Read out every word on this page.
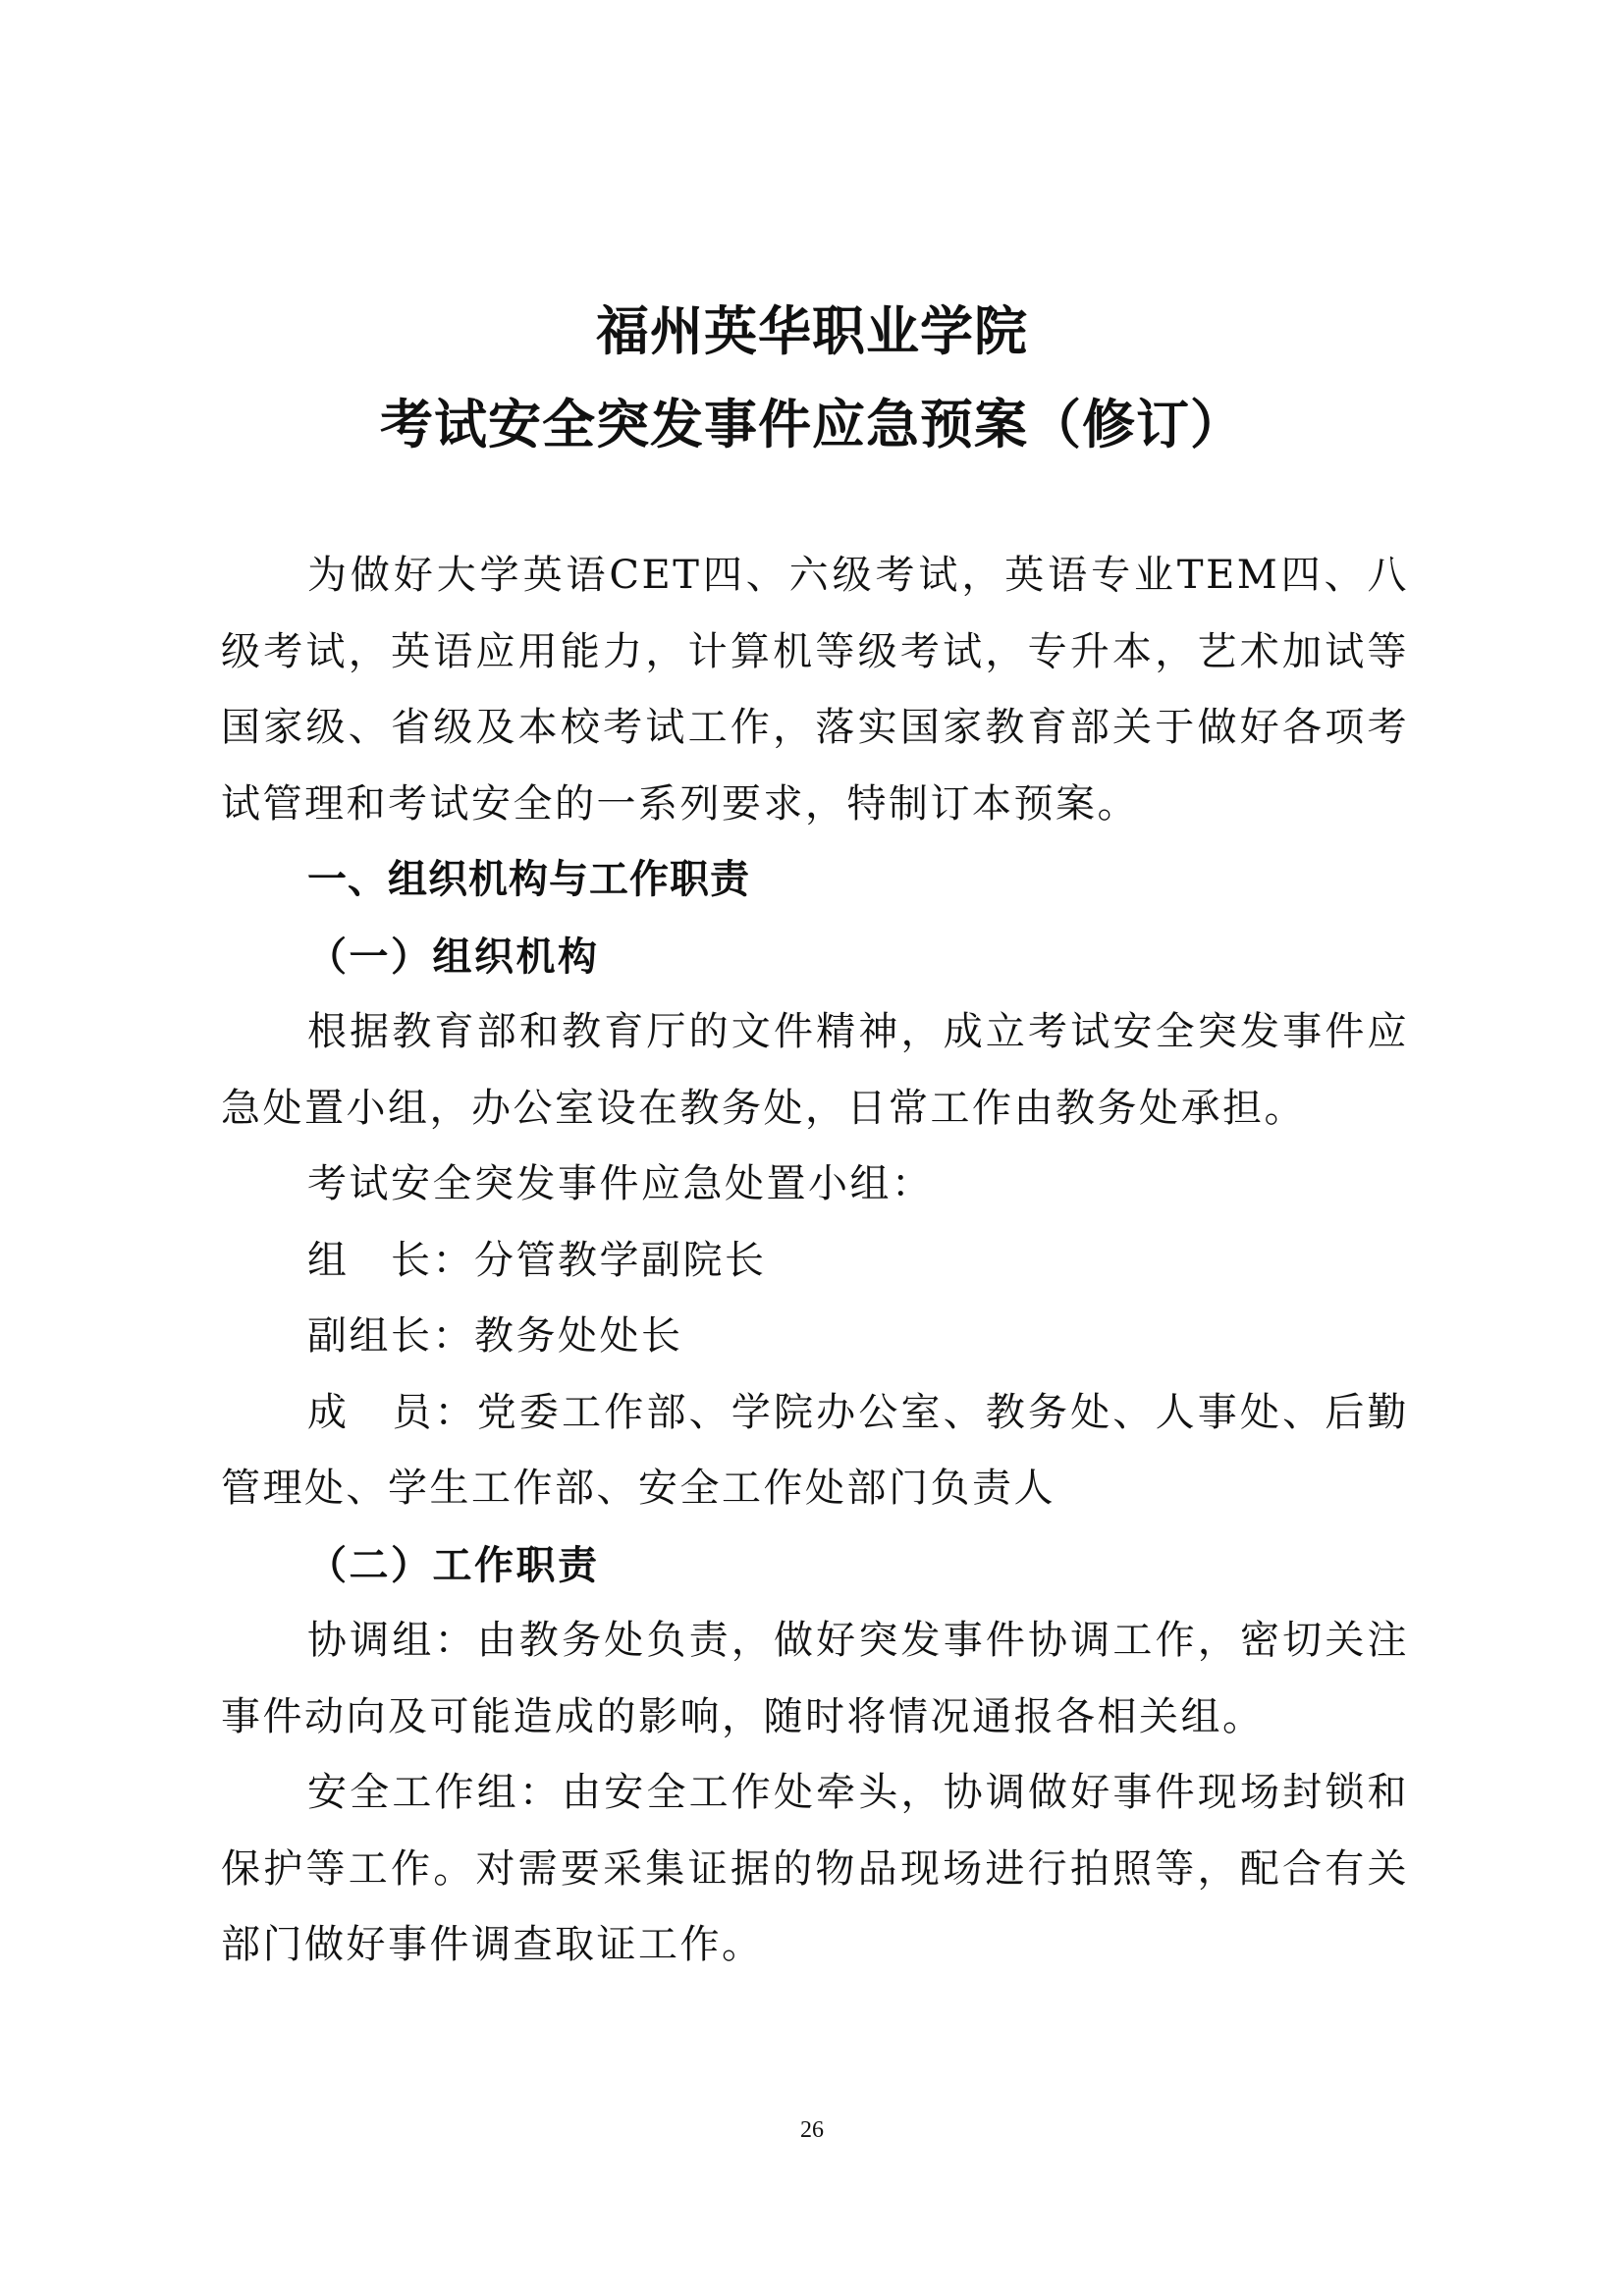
福州英华职业学院
考试安全突发事件应急预案（修订）

为做好大学英语CET四、六级考试，英语专业TEM四、八级考试，英语应用能力，计算机等级考试，专升本，艺术加试等国家级、省级及本校考试工作，落实国家教育部关于做好各项考试管理和考试安全的一系列要求，特制订本预案。

一、组织机构与工作职责

（一）组织机构

根据教育部和教育厅的文件精神，成立考试安全突发事件应急处置小组，办公室设在教务处，日常工作由教务处承担。

考试安全突发事件应急处置小组：

组　长：分管教学副院长

副组长：教务处处长

成　员：党委工作部、学院办公室、教务处、人事处、后勤管理处、学生工作部、安全工作处部门负责人

（二）工作职责

协调组：由教务处负责，做好突发事件协调工作，密切关注事件动向及可能造成的影响，随时将情况通报各相关组。

安全工作组：由安全工作处牵头，协调做好事件现场封锁和保护等工作。对需要采集证据的物品现场进行拍照等，配合有关部门做好事件调查取证工作。

26
